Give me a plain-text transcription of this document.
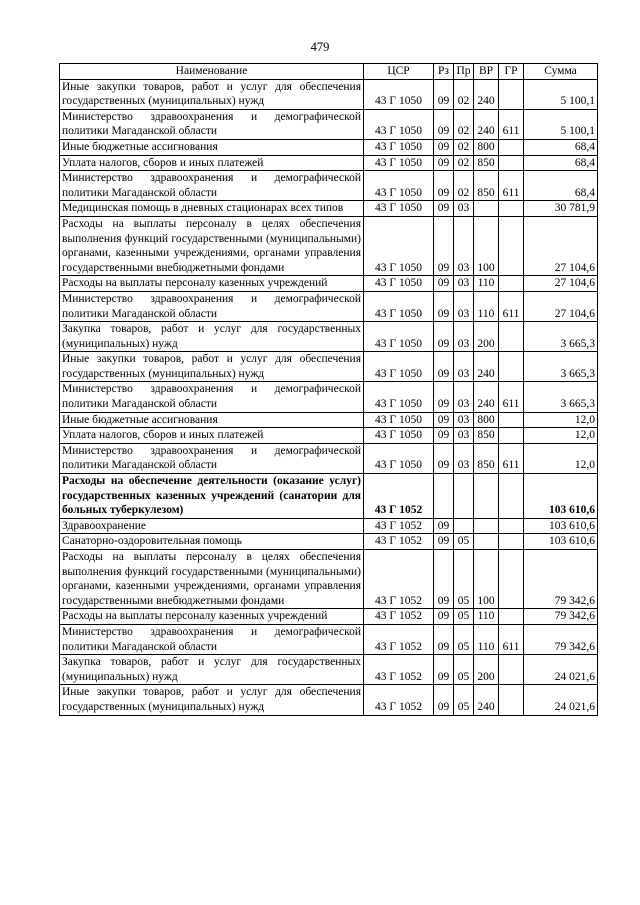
479
Наименование	ЦСР	Рз	Пр	ВР	ГР	Сумма
Иные закупки товаров, работ и услуг для обеспечения государственных (муниципальных) нужд	43 Г 1050	09	02	240		5 100,1
Министерство здравоохранения и демографической политики Магаданской области	43 Г 1050	09	02	240	611	5 100,1
Иные бюджетные ассигнования	43 Г 1050	09	02	800		68,4
Уплата налогов, сборов и иных платежей	43 Г 1050	09	02	850		68,4
Министерство здравоохранения и демографической политики Магаданской области	43 Г 1050	09	02	850	611	68,4
Медицинская помощь в дневных стационарах всех типов	43 Г 1050	09	03			30 781,9
Расходы на выплаты персоналу в целях обеспечения выполнения функций государственными (муниципальными) органами, казенными учреждениями, органами управления государственными внебюджетными фондами	43 Г 1050	09	03	100		27 104,6
Расходы на выплаты персоналу казенных учреждений	43 Г 1050	09	03	110		27 104,6
Министерство здравоохранения и демографической политики Магаданской области	43 Г 1050	09	03	110	611	27 104,6
Закупка товаров, работ и услуг для государственных (муниципальных) нужд	43 Г 1050	09	03	200		3 665,3
Иные закупки товаров, работ и услуг для обеспечения государственных (муниципальных) нужд	43 Г 1050	09	03	240		3 665,3
Министерство здравоохранения и демографической политики Магаданской области	43 Г 1050	09	03	240	611	3 665,3
Иные бюджетные ассигнования	43 Г 1050	09	03	800		12,0
Уплата налогов, сборов и иных платежей	43 Г 1050	09	03	850		12,0
Министерство здравоохранения и демографической политики Магаданской области	43 Г 1050	09	03	850	611	12,0
Расходы на обеспечение деятельности (оказание услуг) государственных казенных учреждений (санатории для больных туберкулезом)	43 Г 1052					103 610,6
Здравоохранение	43 Г 1052	09				103 610,6
Санаторно-оздоровительная помощь	43 Г 1052	09	05			103 610,6
Расходы на выплаты персоналу в целях обеспечения выполнения функций государственными (муниципальными) органами, казенными учреждениями, органами управления государственными внебюджетными фондами	43 Г 1052	09	05	100		79 342,6
Расходы на выплаты персоналу казенных учреждений	43 Г 1052	09	05	110		79 342,6
Министерство здравоохранения и демографической политики Магаданской области	43 Г 1052	09	05	110	611	79 342,6
Закупка товаров, работ и услуг для государственных (муниципальных) нужд	43 Г 1052	09	05	200		24 021,6
Иные закупки товаров, работ и услуг для обеспечения государственных (муниципальных) нужд	43 Г 1052	09	05	240		24 021,6
